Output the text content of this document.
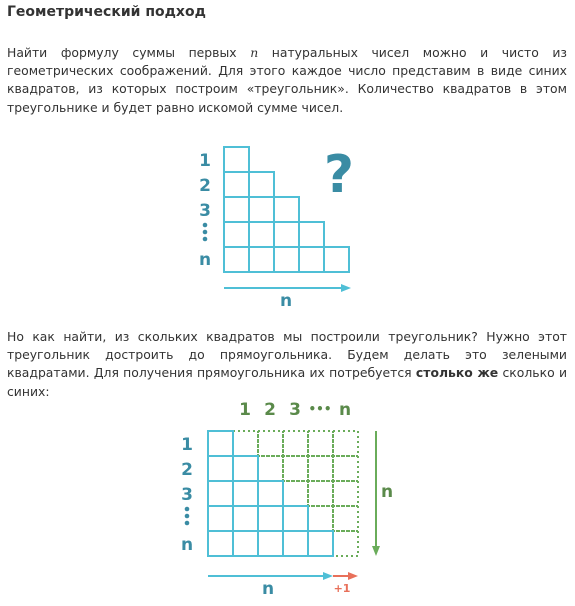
Геометрический подход

Найти формулу суммы первых n натуральных чисел можно и чисто из геометрических соображений. Для этого каждое число представим в виде синих квадратов, из которых построим «треугольник». Количество квадратов в этом треугольнике и будет равно искомой сумме чисел.

1
2
3
n
?
n

Но как найти, из скольких квадратов мы построили треугольник? Нужно этот треугольник достроить до прямоугольника. Будем делать это зелеными квадратами. Для получения прямоугольника их потребуется столько же сколько и синих:

1 2 3 ••• n
1
2
3
n
n
n	+1
